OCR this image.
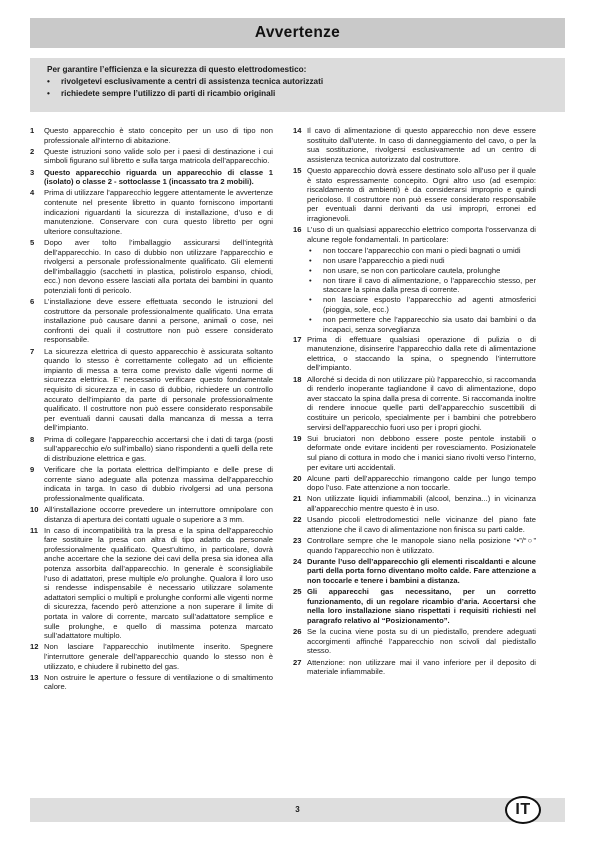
Avvertenze
Per garantire l’efficienza e la sicurezza di questo elettrodomestico:
•	rivolgetevi esclusivamente a centri di assistenza tecnica autorizzati
•	richiedete sempre l’utilizzo di parti di ricambio originali
1	Questo apparecchio è stato concepito per un uso di tipo non professionale all’interno di abitazione.
2	Queste istruzioni sono valide solo per i paesi di destinazione i cui simboli figurano sul libretto e sulla targa matricola dell’apparecchio.
3	Questo apparecchio riguarda un apparecchio di classe 1 (isolato) o classe 2 - sottoclasse 1 (incassato tra 2 mobili).
4	Prima di utilizzare l’apparecchio leggere attentamente le avvertenze contenute nel presente libretto in quanto forniscono importanti indicazioni riguardanti la sicurezza di installazione, d’uso e di manutenzione. Conservare con cura questo libretto per ogni ulteriore consultazione.
5	Dopo aver tolto l’imballaggio assicurarsi dell’integrità dell’apparecchio. In caso di dubbio non utilizzare l’apparecchio e rivolgersi a personale professionalmente qualificato. Gli elementi dell’imballaggio (sacchetti in plastica, polistirolo espanso, chiodi, ecc.) non devono essere lasciati alla portata dei bambini in quanto potenziali fonti di pericolo.
6	L’installazione deve essere effettuata secondo le istruzioni del costruttore da personale professionalmente qualificato. Una errata installazione può causare danni a persone, animali o cose, nei confronti dei quali il costruttore non può essere considerato responsabile.
7	La sicurezza elettrica di questo apparecchio è assicurata soltanto quando lo stesso è correttamente collegato ad un efficiente impianto di messa a terra come previsto dalle vigenti norme di sicurezza elettrica. E’ necessario verificare questo fondamentale requisito di sicurezza e, in caso di dubbio, richiedere un controllo accurato dell’impianto da parte di personale professionalmente qualificato. Il costruttore non può essere considerato responsabile per eventuali danni causati dalla mancanza di messa a terra dell’impianto.
8	Prima di collegare l’apparecchio accertarsi che i dati di targa (posti sull’apparecchio e/o sull’imballo) siano rispondenti a quelli della rete di distribuzione elettrica e gas.
9	Verificare che la portata elettrica dell’impianto e delle prese di corrente siano adeguate alla potenza massima dell’apparecchio indicata in targa. In caso di dubbio rivolgersi ad una persona professionalmente qualificata.
10 All’installazione occorre prevedere un interruttore omnipolare con distanza di apertura dei contatti uguale o superiore a 3 mm.
11 In caso di incompatibilità tra la presa e la spina dell’apparecchio fare sostituire la presa con altra di tipo adatto da personale professionalmente qualificato. Quest’ultimo, in particolare, dovrà anche accertare che la sezione dei cavi della presa sia idonea alla potenza assorbita dall’apparecchio. In generale è sconsigliabile l’uso di adattatori, prese multiple e/o prolunghe. Qualora il loro uso si rendesse indispensabile è necessario utilizzare solamente adattatori semplici o multipli e prolunghe conformi alle vigenti norme di sicurezza, facendo però attenzione a non superare il limite di portata in valore di corrente, marcato sull’adattatore semplice e sulle prolunghe, e quello di massima potenza marcato sull’adattatore multiplo.
12 Non lasciare l’apparecchio inutilmente inserito. Spegnere l’interruttore generale dell’apparecchio quando lo stesso non è utilizzato, e chiudere il rubinetto del gas.
13 Non ostruire le aperture o fessure di ventilazione o di smaltimento calore.
14 Il cavo di alimentazione di questo apparecchio non deve essere sostituito dall’utente. In caso di danneggiamento del cavo, o per la sua sostituzione, rivolgersi esclusivamente ad un centro di assistenza tecnica autorizzato dal costruttore.
15 Questo apparecchio dovrà essere destinato solo all’uso per il quale è stato espressamente concepito. Ogni altro uso (ad esempio: riscaldamento di ambienti) è da considerarsi improprio e quindi pericoloso. Il costruttore non può essere considerato responsabile per eventuali danni derivanti da usi impropri, erronei ed irragionevoli.
16 L’uso di un qualsiasi apparecchio elettrico comporta l’osservanza di alcune regole fondamentali. In particolare:
•	non toccare l’apparecchio con mani o piedi bagnati o umidi
•	non usare l’apparecchio a piedi nudi
•	non usare, se non con particolare cautela, prolunghe
•	non tirare il cavo di alimentazione, o l’apparecchio stesso, per staccare la spina dalla presa di corrente.
•	non lasciare esposto l’apparecchio ad agenti atmosferici (pioggia, sole, ecc.)
•	non permettere che l’apparecchio sia usato dai bambini o da incapaci, senza sorveglianza
17 Prima di effettuare qualsiasi operazione di pulizia o di manutenzione, disinserire l’apparecchio dalla rete di alimentazione elettrica, o staccando la spina, o spegnendo l’interruttore dell’impianto.
18 Allorché si decida di non utilizzare più l’apparecchio, si raccomanda di renderlo inoperante tagliandone il cavo di alimentazione, dopo aver staccato la spina dalla presa di corrente. Si raccomanda inoltre di rendere innocue quelle parti dell’apparecchio suscettibili di costituire un pericolo, specialmente per i bambini che potrebbero servirsi dell’apparecchio fuori uso per i propri giochi.
19 Sui bruciatori non debbono essere poste pentole instabili o deformate onde evitare incidenti per rovesciamento. Posizionatele sul piano di cottura in modo che i manici siano rivolti verso l’interno, per evitare urti accidentali.
20 Alcune parti dell’apparecchio rimangono calde per lungo tempo dopo l’uso. Fate attenzione a non toccarle.
21 Non utilizzate liquidi infiammabili (alcool, benzina...) in vicinanza all’apparecchio mentre questo è in uso.
22 Usando piccoli elettrodomestici nelle vicinanze del piano fate attenzione che il cavo di alimentazione non finisca su parti calde.
23 Controllare sempre che le manopole siano nella posizione “•”/“○” quando l’apparecchio non è utilizzato.
24 Durante l’uso dell’apparecchio gli elementi riscaldanti e alcune parti della porta forno diventano molto calde. Fare attenzione a non toccarle e tenere i bambini a distanza.
25 Gli apparecchi gas necessitano, per un corretto funzionamento, di un regolare ricambio d’aria. Accertarsi che nella loro installazione siano rispettati i requisiti richiesti nel paragrafo relativo al “Posizionamento”.
26 Se la cucina viene posta su di un piedistallo, prendere adeguati accorgimenti affinché l’apparecchio non scivoli dal piedistallo stesso.
27 Attenzione: non utilizzare mai il vano inferiore per il deposito di materiale infiammabile.
3	IT
